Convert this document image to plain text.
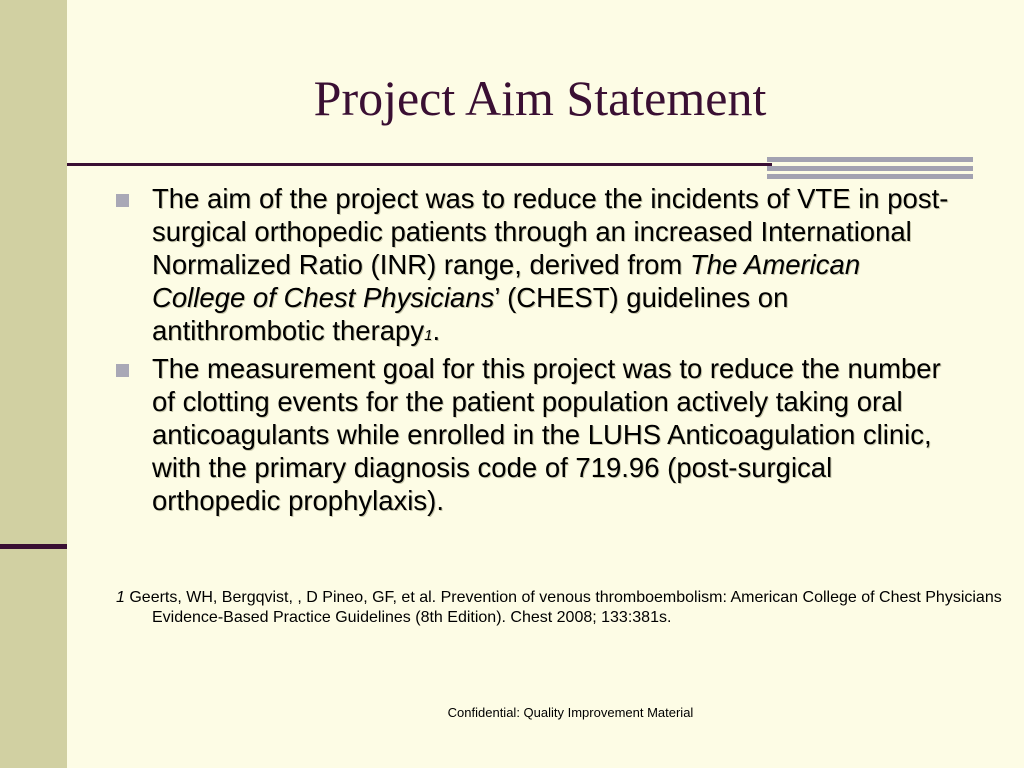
Project Aim Statement
The aim of the project was to reduce the incidents of VTE in post-surgical orthopedic patients through an increased International Normalized Ratio (INR) range, derived from The American College of Chest Physicians’ (CHEST) guidelines on antithrombotic therapy1.
The measurement goal for this project was to reduce the number of clotting events for the patient population actively taking oral anticoagulants while enrolled in the LUHS Anticoagulation clinic, with the primary diagnosis code of 719.96 (post-surgical orthopedic prophylaxis).
1 Geerts, WH, Bergqvist, , D Pineo, GF, et al. Prevention of venous thromboembolism: American College of Chest Physicians Evidence-Based Practice Guidelines (8th Edition). Chest 2008; 133:381s.
Confidential: Quality Improvement Material
